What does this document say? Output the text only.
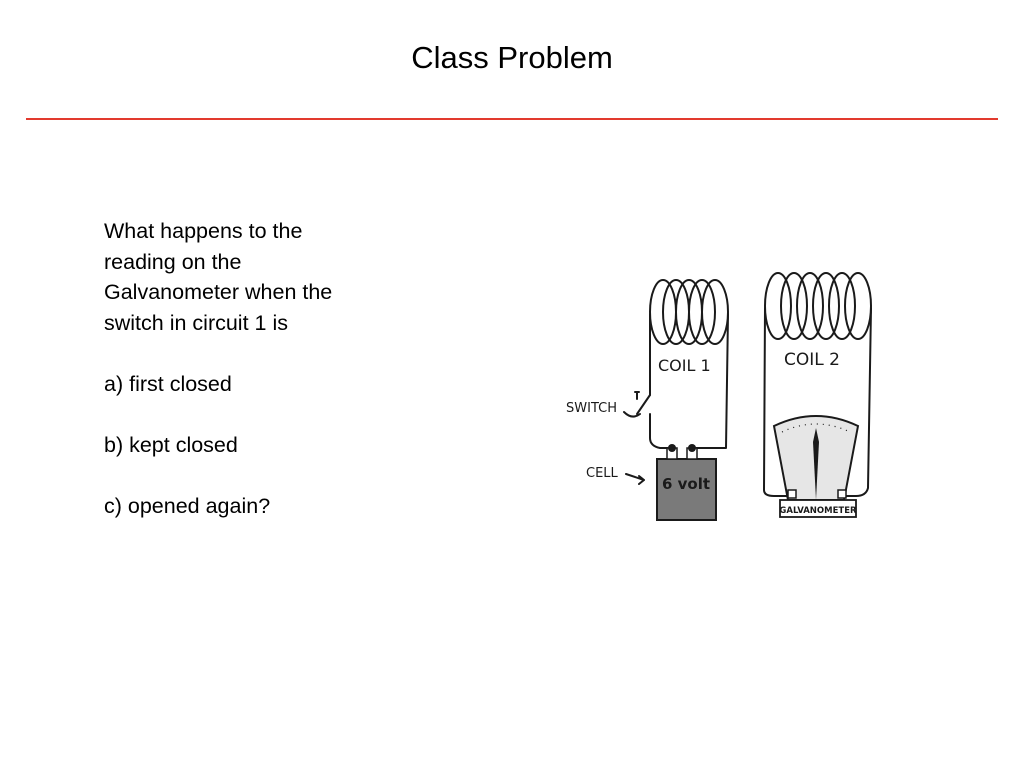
Class Problem

What happens to the

reading on the

Galvanometer when the

switch in circuit 1 is

a) first closed

b) kept closed

c) opened again?

COIL 1	COIL 2
SWITCH
CELL
6 volt
GALVANOMETER
